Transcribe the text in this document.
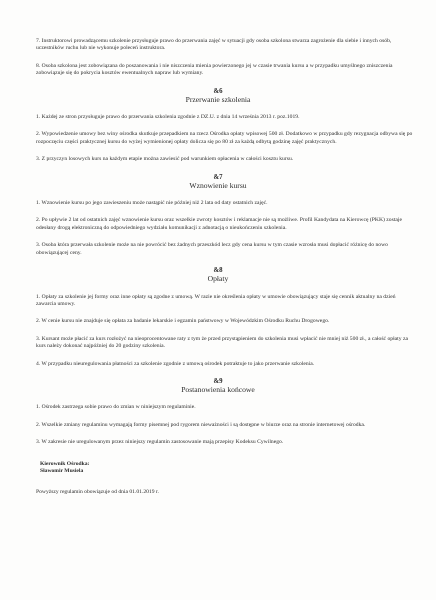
7. Instruktorowi prowadzącemu szkolenie przysługuje prawo do przerwania zajęć w sytuacji gdy osoba szkolona stwarza zagrożenie dla siebie i innych osób, uczestników ruchu lub nie wykonuje poleceń instruktora.

8. Osoba szkolona jest zobowiązana do poszanowania i nie niszczenia mienia powierzonego jej w czasie trwania kursu a w przypadku umyślnego zniszczenia zobowiązuje się do pokrycia kosztów ewentualnych napraw lub wymiany.

&6
Przerwanie szkolenia

1. Każdej ze stron przysługuje prawo do przerwania szkolenia zgodnie z DZ.U. z dnia 14 września 2013 r. poz.1019.

2. Wypowiedzenie umowy bez winy ośrodka skutkuje przepadkiem na rzecz Ośrodka opłaty wpisowej 500 zł. Dodatkowo w przypadku gdy rezygnacja odbywa się po rozpoczęciu części praktycznej kursu do wyżej wymienionej opłaty dolicza się po 80 zł za każdą odbytą godzinę zajęć praktycznych.

3. Z przyczyn losowych kurs na każdym etapie można zawiesić pod warunkiem opłacenia w całości kosztu kursu.

&7
Wznowienie kursu

1. Wznowienie kursu po jego zawieszeniu może nastąpić nie później niż 2 lata od daty ostatnich zajęć.

2. Po upływie 2 lat od ostatnich zajęć wznowienie kursu oraz wszelkie zwroty kosztów i reklamacje nie są możliwe. Profil Kandydata na Kierowcę (PKK) zostaje odesłany drogą elektroniczną do odpowiedniego wydziału komunikacji z adnotacją o nieukończeniu szkolenia.

3. Osoba która przerwała szkolenie może na nie powrócić bez żadnych przeszkód lecz gdy cena kursu w tym czasie wzrosła musi dopłacić różnicę do nowo obowiązującej ceny.

&8
Opłaty

1. Opłaty za szkolenie jej formy oraz inne opłaty są zgodne z umową. W razie nie określenia opłaty w umowie obowiązujący staje się cennik aktualny na dzień zawarcia umowy.

2. W cenie kursu nie znajduje się opłata za badanie lekarskie i egzamin państwowy w Wojewódzkim Ośrodku Ruchu Drogowego.

3. Kursant może płacić za kurs rozłożyć na nieoprocentowane raty z tym że przed przystąpieniem do szkolenia musi wpłacić nie mniej niż 500 zł., a całość opłaty za kurs należy dokonać najpóźniej do 20 godziny szkolenia.

4. W przypadku nieuregulowania płatności za szkolenie zgodnie z umową ośrodek potraktuje to jako przerwanie szkolenia.

&9
Postanowienia końcowe

1. Ośrodek zastrzega sobie prawo do zmian w niniejszym regulaminie.

2. Wszelkie zmiany regulaminu wymagają formy pisemnej pod rygorem nieważności i są dostępne w biurze oraz na stronie internetowej ośrodka.

3. W zakresie nie uregulowanym przez niniejszy regulamin zastosowanie mają przepisy Kodeksu Cywilnego.

Kierownik Ośrodka:
Sławomir Musiela
Powyższy regulamin obowiązuje od dnia 01.01.2019 r.
